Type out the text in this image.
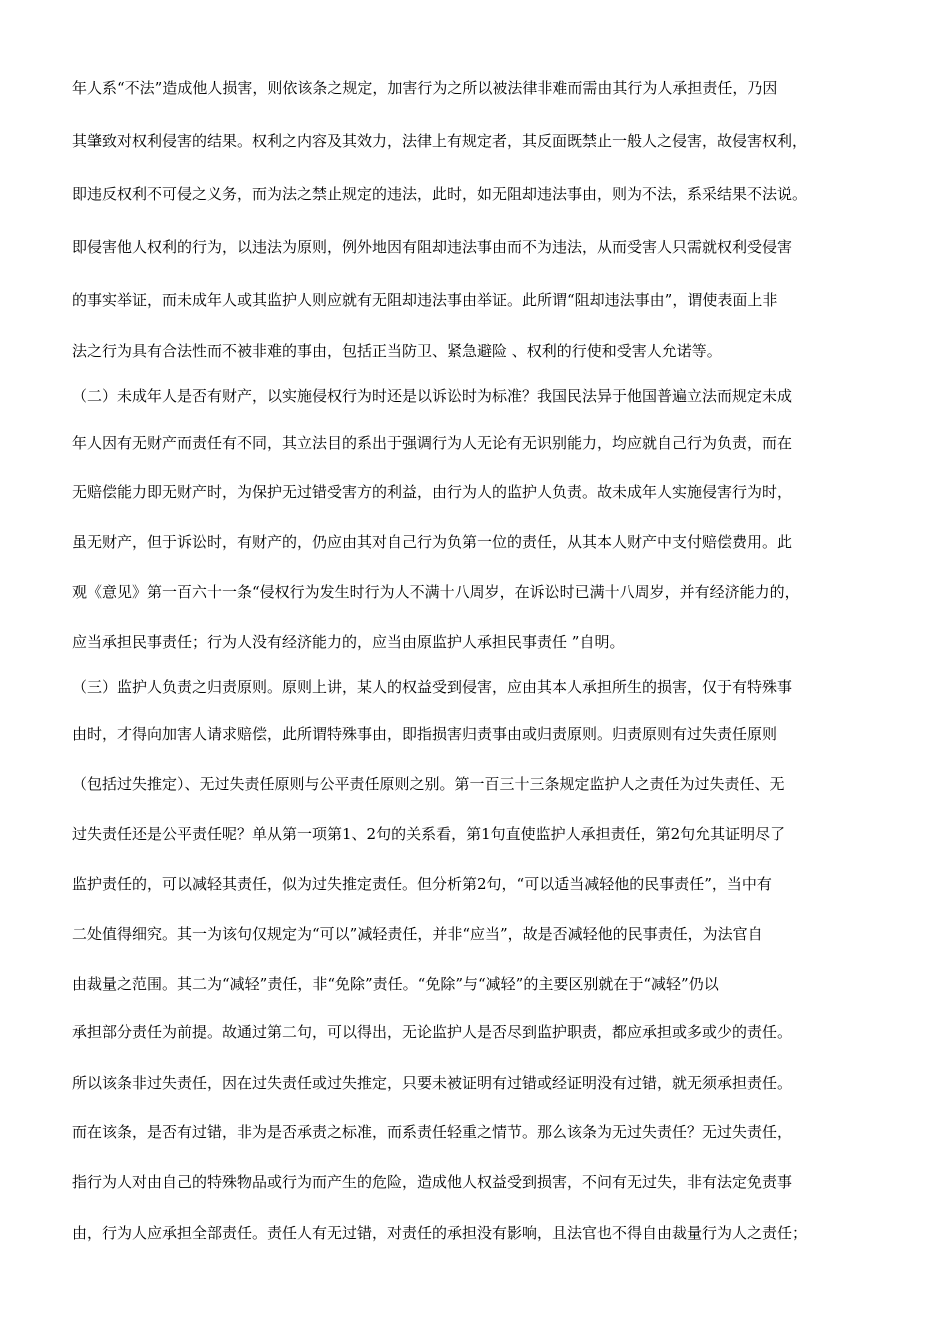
年人系“不法”造成他人损害，则依该条之规定，加害行为之所以被法律非难而需由其行为人承担责任，乃因
其肇致对权利侵害的结果。权利之内容及其效力，法律上有规定者，其反面既禁止一般人之侵害，故侵害权利，
即违反权利不可侵之义务，而为法之禁止规定的违法，此时，如无阻却违法事由，则为不法，系采结果不法说。
即侵害他人权利的行为，以违法为原则，例外地因有阻却违法事由而不为违法，从而受害人只需就权利受侵害
的事实举证，而未成年人或其监护人则应就有无阻却违法事由举证。此所谓“阻却违法事由”，谓使表面上非
法之行为具有合法性而不被非难的事由，包括正当防卫、紧急避险 、权利的行使和受害人允诺等。
（二）未成年人是否有财产，以实施侵权行为时还是以诉讼时为标准？我国民法异于他国普遍立法而规定未成
年人因有无财产而责任有不同，其立法目的系出于强调行为人无论有无识别能力，均应就自己行为负责，而在
无赔偿能力即无财产时，为保护无过错受害方的利益，由行为人的监护人负责。故未成年人实施侵害行为时，
虽无财产，但于诉讼时，有财产的，仍应由其对自己行为负第一位的责任，从其本人财产中支付赔偿费用。此
观《意见》第一百六十一条“侵权行为发生时行为人不满十八周岁，在诉讼时已满十八周岁，并有经济能力的，
应当承担民事责任；行为人没有经济能力的，应当由原监护人承担民事责任 ”自明。
（三）监护人负责之归责原则。原则上讲，某人的权益受到侵害，应由其本人承担所生的损害，仅于有特殊事
由时，才得向加害人请求赔偿，此所谓特殊事由，即指损害归责事由或归责原则。归责原则有过失责任原则
（包括过失推定）、无过失责任原则与公平责任原则之别。第一百三十三条规定监护人之责任为过失责任、无
过失责任还是公平责任呢？单从第一项第1、2句的关系看，第1句直使监护人承担责任，第2句允其证明尽了
监护责任的，可以减轻其责任，似为过失推定责任。但分析第2句，“可以适当减轻他的民事责任”，当中有
二处值得细究。其一为该句仅规定为“可以”减轻责任，并非“应当”，故是否减轻他的民事责任，为法官自
由裁量之范围。其二为“减轻”责任，非“免除”责任。“免除”与“减轻”的主要区别就在于“减轻”仍以
承担部分责任为前提。故通过第二句，可以得出，无论监护人是否尽到监护职责，都应承担或多或少的责任。
所以该条非过失责任，因在过失责任或过失推定，只要未被证明有过错或经证明没有过错，就无须承担责任。
而在该条，是否有过错，非为是否承责之标准，而系责任轻重之情节。那么该条为无过失责任？无过失责任，
指行为人对由自己的特殊物品或行为而产生的危险，造成他人权益受到损害，不问有无过失，非有法定免责事
由，行为人应承担全部责任。责任人有无过错，对责任的承担没有影响，且法官也不得自由裁量行为人之责任；
